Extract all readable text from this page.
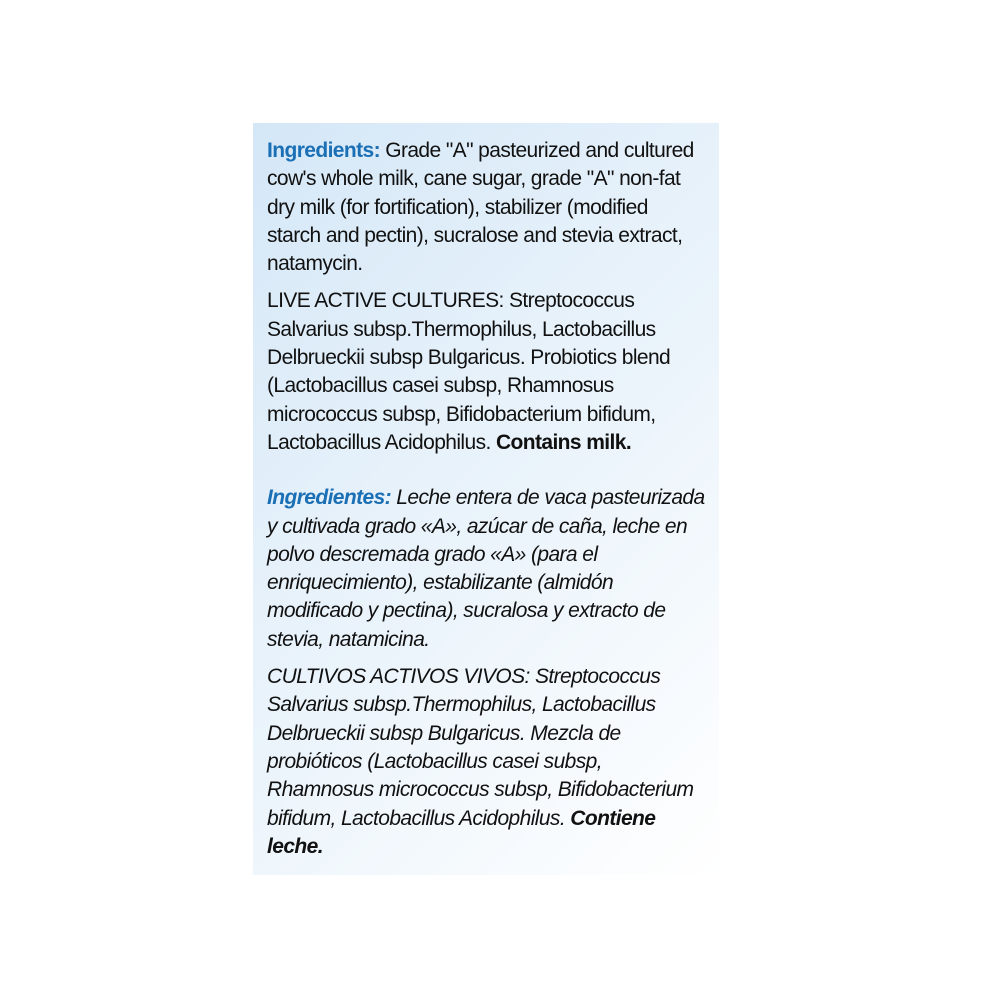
Ingredients: Grade "A" pasteurized and cultured cow's whole milk, cane sugar, grade "A" non-fat dry milk (for fortification), stabilizer (modified starch and pectin), sucralose and stevia extract, natamycin.

LIVE ACTIVE CULTURES: Streptococcus Salvarius subsp.Thermophilus, Lactobacillus Delbrueckii subsp Bulgaricus. Probiotics blend (Lactobacillus casei subsp, Rhamnosus micrococcus subsp, Bifidobacterium bifidum, Lactobacillus Acidophilus. Contains milk.

Ingredientes: Leche entera de vaca pasteurizada y cultivada grado «A», azúcar de caña, leche en polvo descremada grado «A» (para el enriquecimiento), estabilizante (almidón modificado y pectina), sucralosa y extracto de stevia, natamicina.

CULTIVOS ACTIVOS VIVOS: Streptococcus Salvarius subsp.Thermophilus, Lactobacillus Delbrueckii subsp Bulgaricus. Mezcla de probióticos (Lactobacillus casei subsp, Rhamnosus micrococcus subsp, Bifidobacterium bifidum, Lactobacillus Acidophilus. Contiene leche.
